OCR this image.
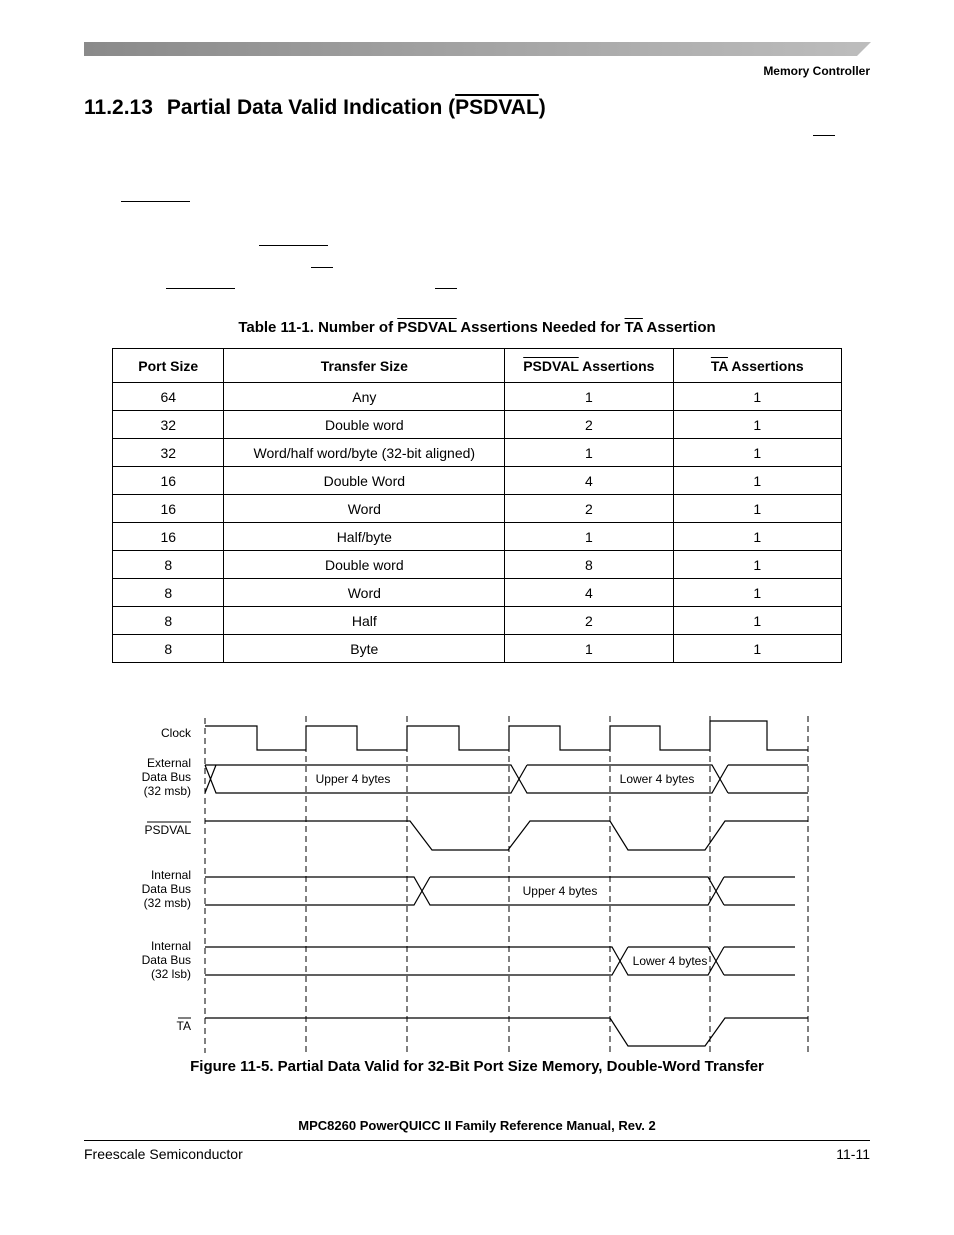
Memory Controller
11.2.13 Partial Data Valid Indication (PSDVAL)
Table 11-1. Number of PSDVAL Assertions Needed for $\overline{TA}$ Assertion
Port Size	Transfer Size	PSDVAL Assertions	$\overline{TA}$ Assertions
64	Any	1	1
32	Double word	2	1
32	Word/half word/byte (32-bit aligned)	1	1
16	Double Word	4	1
16	Word	2	1
16	Half/byte	1	1
8	Double word	8	1
8	Word	4	1
8	Half	2	1
8	Byte	1	1
Clock
External
Data Bus
(32 msb)
PSDVAL
Internal
Data Bus
(32 msb)
Internal
Data Bus
(32 lsb)
TA
Upper 4 bytes	Lower 4 bytes
Upper 4 bytes
Lower 4 bytes
Figure 11-5. Partial Data Valid for 32-Bit Port Size Memory, Double-Word Transfer
MPC8260 PowerQUICC II Family Reference Manual, Rev. 2
Freescale Semiconductor	11-11
